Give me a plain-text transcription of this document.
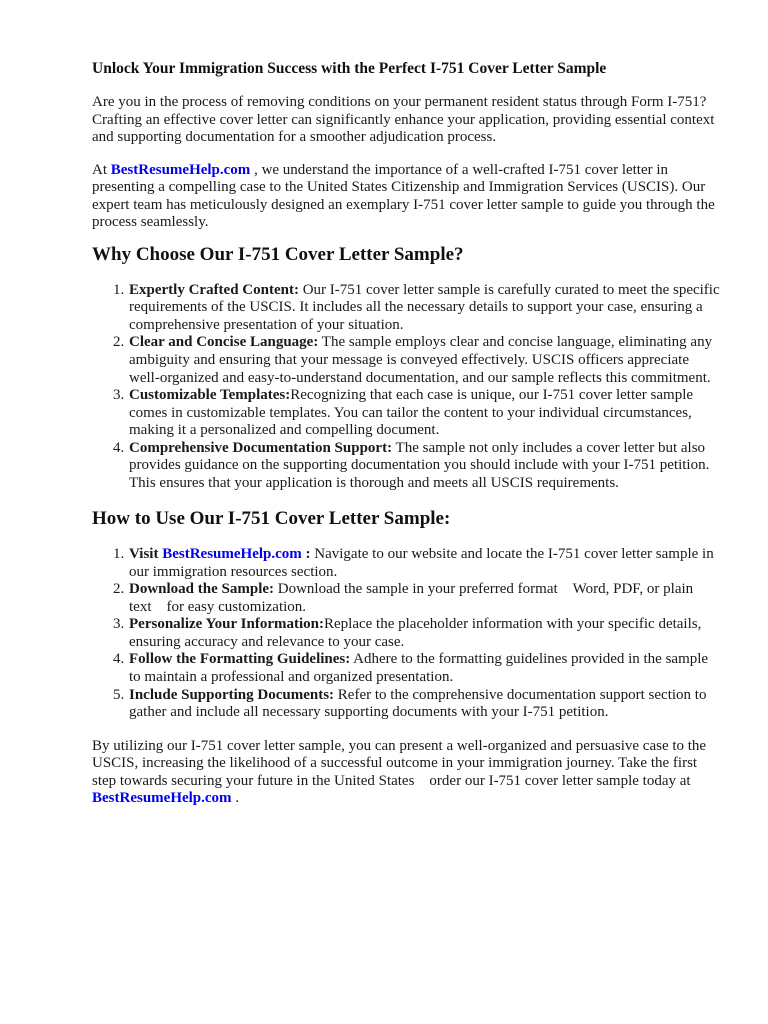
Unlock Your Immigration Success with the Perfect I-751 Cover Letter Sample

Are you in the process of removing conditions on your permanent resident status through Form I-751? Crafting an effective cover letter can significantly enhance your application, providing essential context and supporting documentation for a smoother adjudication process.

At BestResumeHelp.com , we understand the importance of a well-crafted I-751 cover letter in presenting a compelling case to the United States Citizenship and Immigration Services (USCIS). Our expert team has meticulously designed an exemplary I-751 cover letter sample to guide you through the process seamlessly.

Why Choose Our I-751 Cover Letter Sample?
1. Expertly Crafted Content: Our I-751 cover letter sample is carefully curated to meet the specific requirements of the USCIS. It includes all the necessary details to support your case, ensuring a comprehensive presentation of your situation.
2. Clear and Concise Language: The sample employs clear and concise language, eliminating any ambiguity and ensuring that your message is conveyed effectively. USCIS officers appreciate well-organized and easy-to-understand documentation, and our sample reflects this commitment.
3. Customizable Templates:Recognizing that each case is unique, our I-751 cover letter sample comes in customizable templates. You can tailor the content to your individual circumstances, making it a personalized and compelling document.
4. Comprehensive Documentation Support: The sample not only includes a cover letter but also provides guidance on the supporting documentation you should include with your I-751 petition. This ensures that your application is thorough and meets all USCIS requirements.
How to Use Our I-751 Cover Letter Sample:
1. Visit BestResumeHelp.com : Navigate to our website and locate the I-751 cover letter sample in our immigration resources section.
2. Download the Sample: Download the sample in your preferred format    Word, PDF, or plain text    for easy customization.
3. Personalize Your Information:Replace the placeholder information with your specific details, ensuring accuracy and relevance to your case.
4. Follow the Formatting Guidelines: Adhere to the formatting guidelines provided in the sample to maintain a professional and organized presentation.
5. Include Supporting Documents: Refer to the comprehensive documentation support section to gather and include all necessary supporting documents with your I-751 petition.

By utilizing our I-751 cover letter sample, you can present a well-organized and persuasive case to the USCIS, increasing the likelihood of a successful outcome in your immigration journey. Take the first step towards securing your future in the United States    order our I-751 cover letter sample today at BestResumeHelp.com .
